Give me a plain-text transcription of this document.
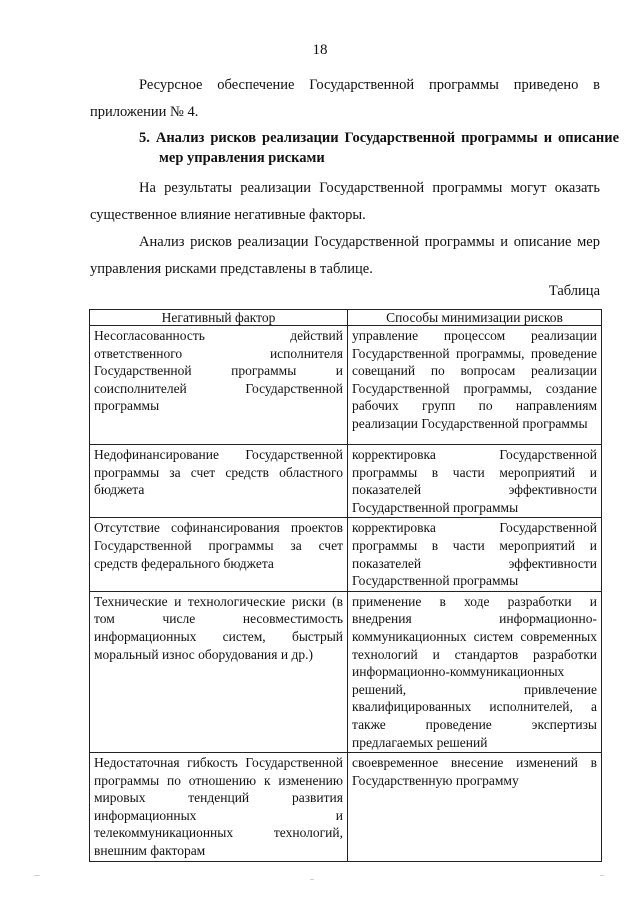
18

Ресурсное обеспечение Государственной программы приведено в приложении № 4.

5. Анализ рисков реализации Государственной программы и описание мер управления рисками

На результаты реализации Государственной программы могут оказать существенное влияние негативные факторы.

Анализ рисков реализации Государственной программы и описание мер управления рисками представлены в таблице.

Таблица
Негативный фактор	Способы минимизации рисков
Несогласованность действий ответственного исполнителя Государственной программы и соисполнителей Государственной программы	управление процессом реализации Государственной программы, проведение совещаний по вопросам реализации Государственной программы, создание рабочих групп по направлениям реализации Государственной программы
Недофинансирование Государственной программы за счет средств областного бюджета	корректировка Государственной программы в части мероприятий и показателей эффективности Государственной программы
Отсутствие софинансирования проектов Государственной программы за счет средств федерального бюджета	корректировка Государственной программы в части мероприятий и показателей эффективности Государственной программы
Технические и технологические риски (в том числе несовместимость информационных систем, быстрый моральный износ оборудования и др.)	применение в ходе разработки и внедрения информационно-коммуникационных систем современных технологий и стандартов разработки информационно-коммуникационных решений, привлечение квалифицированных исполнителей, а также проведение экспертизы предлагаемых решений
Недостаточная гибкость Государственной программы по отношению к изменению мировых тенденций развития информационных и телекоммуникационных технологий, внешним факторам	своевременное внесение изменений в Государственную программу
˗˗˗
˗˗
˗˗
